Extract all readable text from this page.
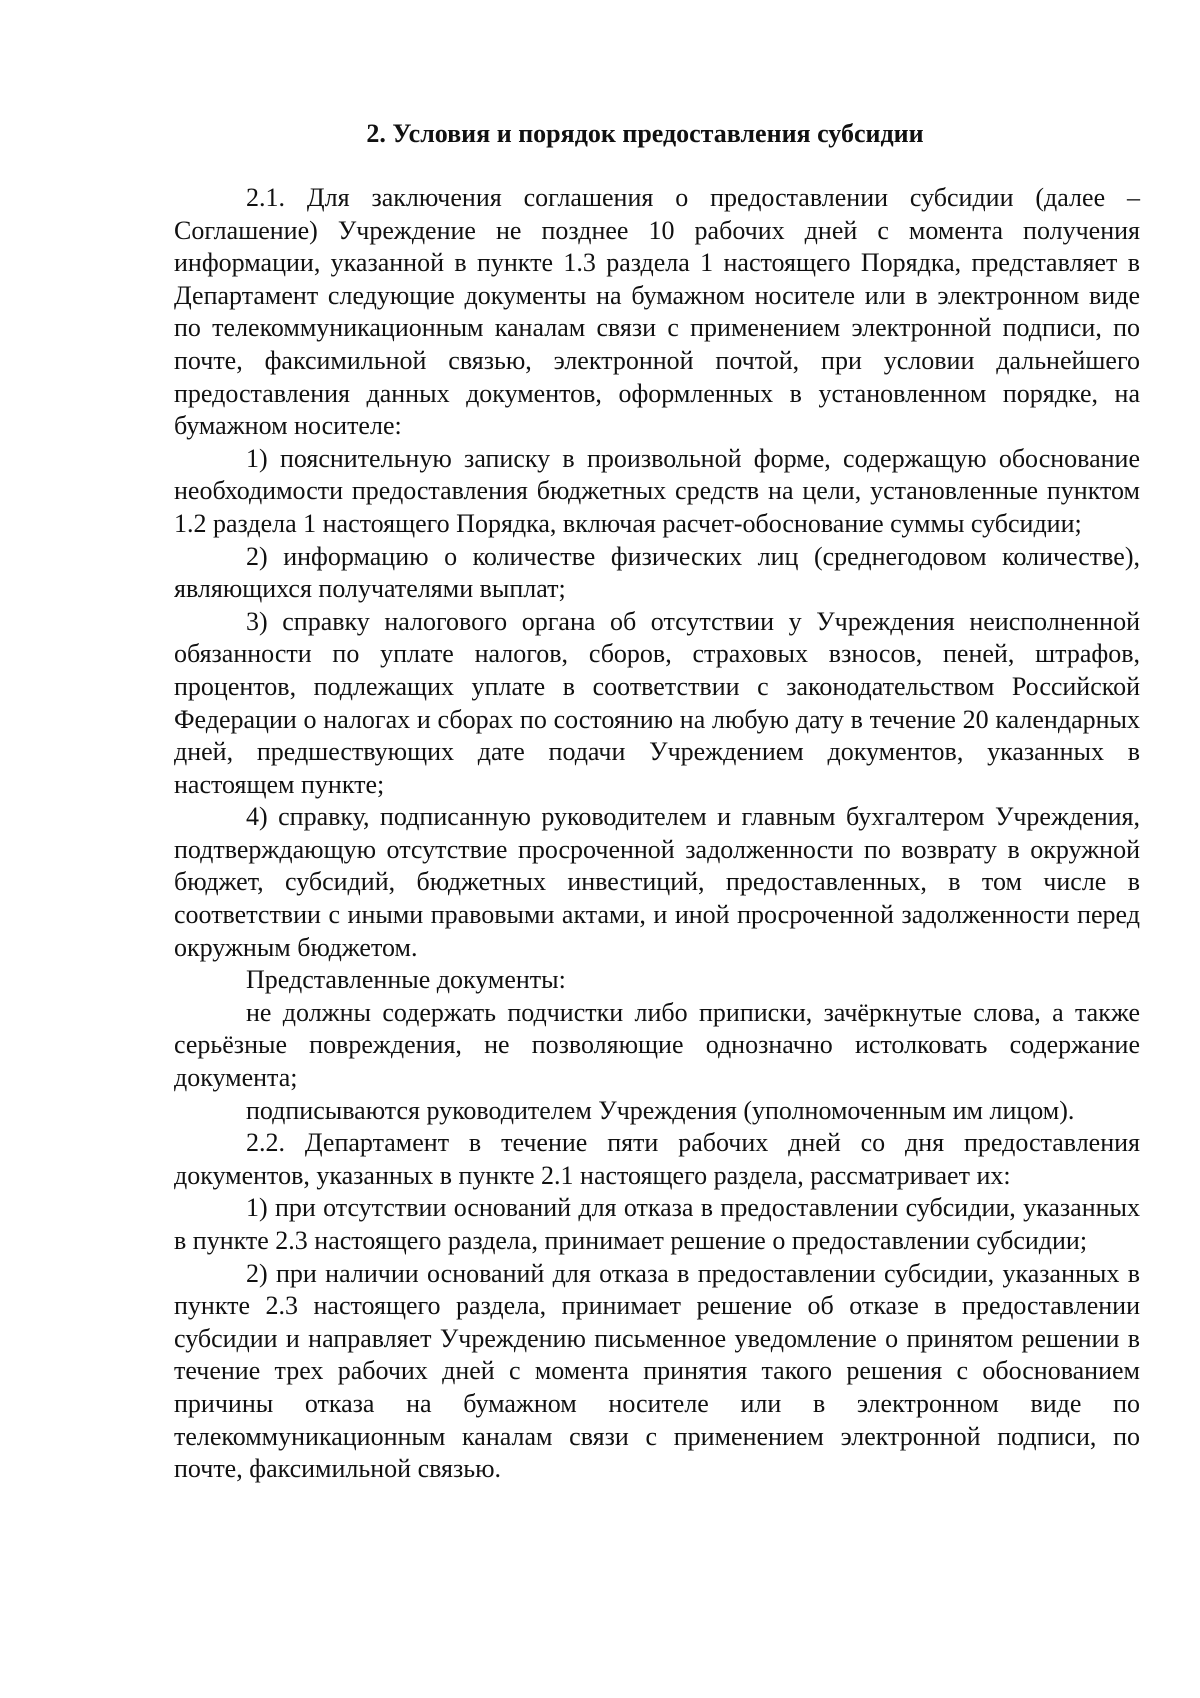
2. Условия и порядок предоставления субсидии

2.1. Для заключения соглашения о предоставлении субсидии (далее – Соглашение) Учреждение не позднее 10 рабочих дней с момента получения информации, указанной в пункте 1.3 раздела 1 настоящего Порядка, представляет в Департамент следующие документы на бумажном носителе или в электронном виде по телекоммуникационным каналам связи с применением электронной подписи, по почте, факсимильной связью, электронной почтой, при условии дальнейшего предоставления данных документов, оформленных в установленном порядке, на бумажном носителе:

1) пояснительную записку в произвольной форме, содержащую обоснование необходимости предоставления бюджетных средств на цели, установленные пунктом 1.2 раздела 1 настоящего Порядка, включая расчет-обоснование суммы субсидии;

2) информацию о количестве физических лиц (среднегодовом количестве), являющихся получателями выплат;

3) справку налогового органа об отсутствии у Учреждения неисполненной обязанности по уплате налогов, сборов, страховых взносов, пеней, штрафов, процентов, подлежащих уплате в соответствии с законодательством Российской Федерации о налогах и сборах по состоянию на любую дату в течение 20 календарных дней, предшествующих дате подачи Учреждением документов, указанных в настоящем пункте;

4) справку, подписанную руководителем и главным бухгалтером Учреждения, подтверждающую отсутствие просроченной задолженности по возврату в окружной бюджет, субсидий, бюджетных инвестиций, предоставленных, в том числе в соответствии с иными правовыми актами, и иной просроченной задолженности перед окружным бюджетом.

Представленные документы:

не должны содержать подчистки либо приписки, зачёркнутые слова, а также серьёзные повреждения, не позволяющие однозначно истолковать содержание документа;

подписываются руководителем Учреждения (уполномоченным им лицом).

2.2. Департамент в течение пяти рабочих дней со дня предоставления документов, указанных в пункте 2.1 настоящего раздела, рассматривает их:

1) при отсутствии оснований для отказа в предоставлении субсидии, указанных в пункте 2.3 настоящего раздела, принимает решение о предоставлении субсидии;

2) при наличии оснований для отказа в предоставлении субсидии, указанных в пункте 2.3 настоящего раздела, принимает решение об отказе в предоставлении субсидии и направляет Учреждению письменное уведомление о принятом решении в течение трех рабочих дней с момента принятия такого решения с обоснованием причины отказа на бумажном носителе или в электронном виде по телекоммуникационным каналам связи с применением электронной подписи, по почте, факсимильной связью.
